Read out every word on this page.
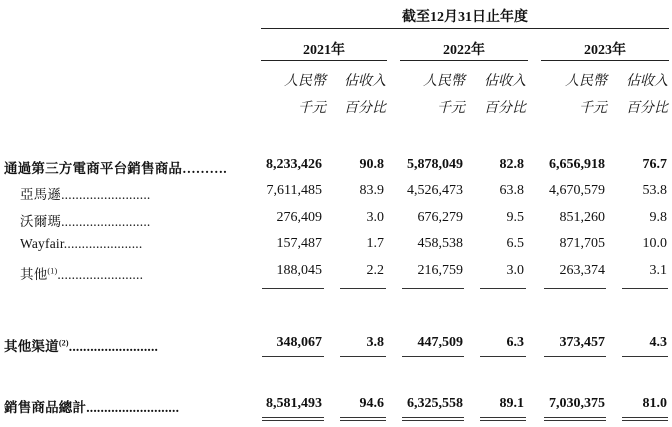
截至12月31日止年度
2021年	2022年	2023年
人民幣	佔收入	人民幣	佔收入	人民幣	佔收入
千元	百分比	千元	百分比	千元	百分比
通過第三方電商平台銷售商品……….	8,233,426	90.8	5,878,049	82.8	6,656,918	76.7
亞馬遜.........................	7,611,485	83.9	4,526,473	63.8	4,670,579	53.8
沃爾瑪.........................	276,409	3.0	676,279	9.5	851,260	9.8
Wayfair......................	157,487	1.7	458,538	6.5	871,705	10.0
其他$^{(1)}$........................	188,045	2.2	216,759	3.0	263,374	3.1
其他渠道$^{(2)}$.........................	348,067	3.8	447,509	6.3	373,457	4.3
銷售商品總計..........................	8,581,493	94.6	6,325,558	89.1	7,030,375	81.0
